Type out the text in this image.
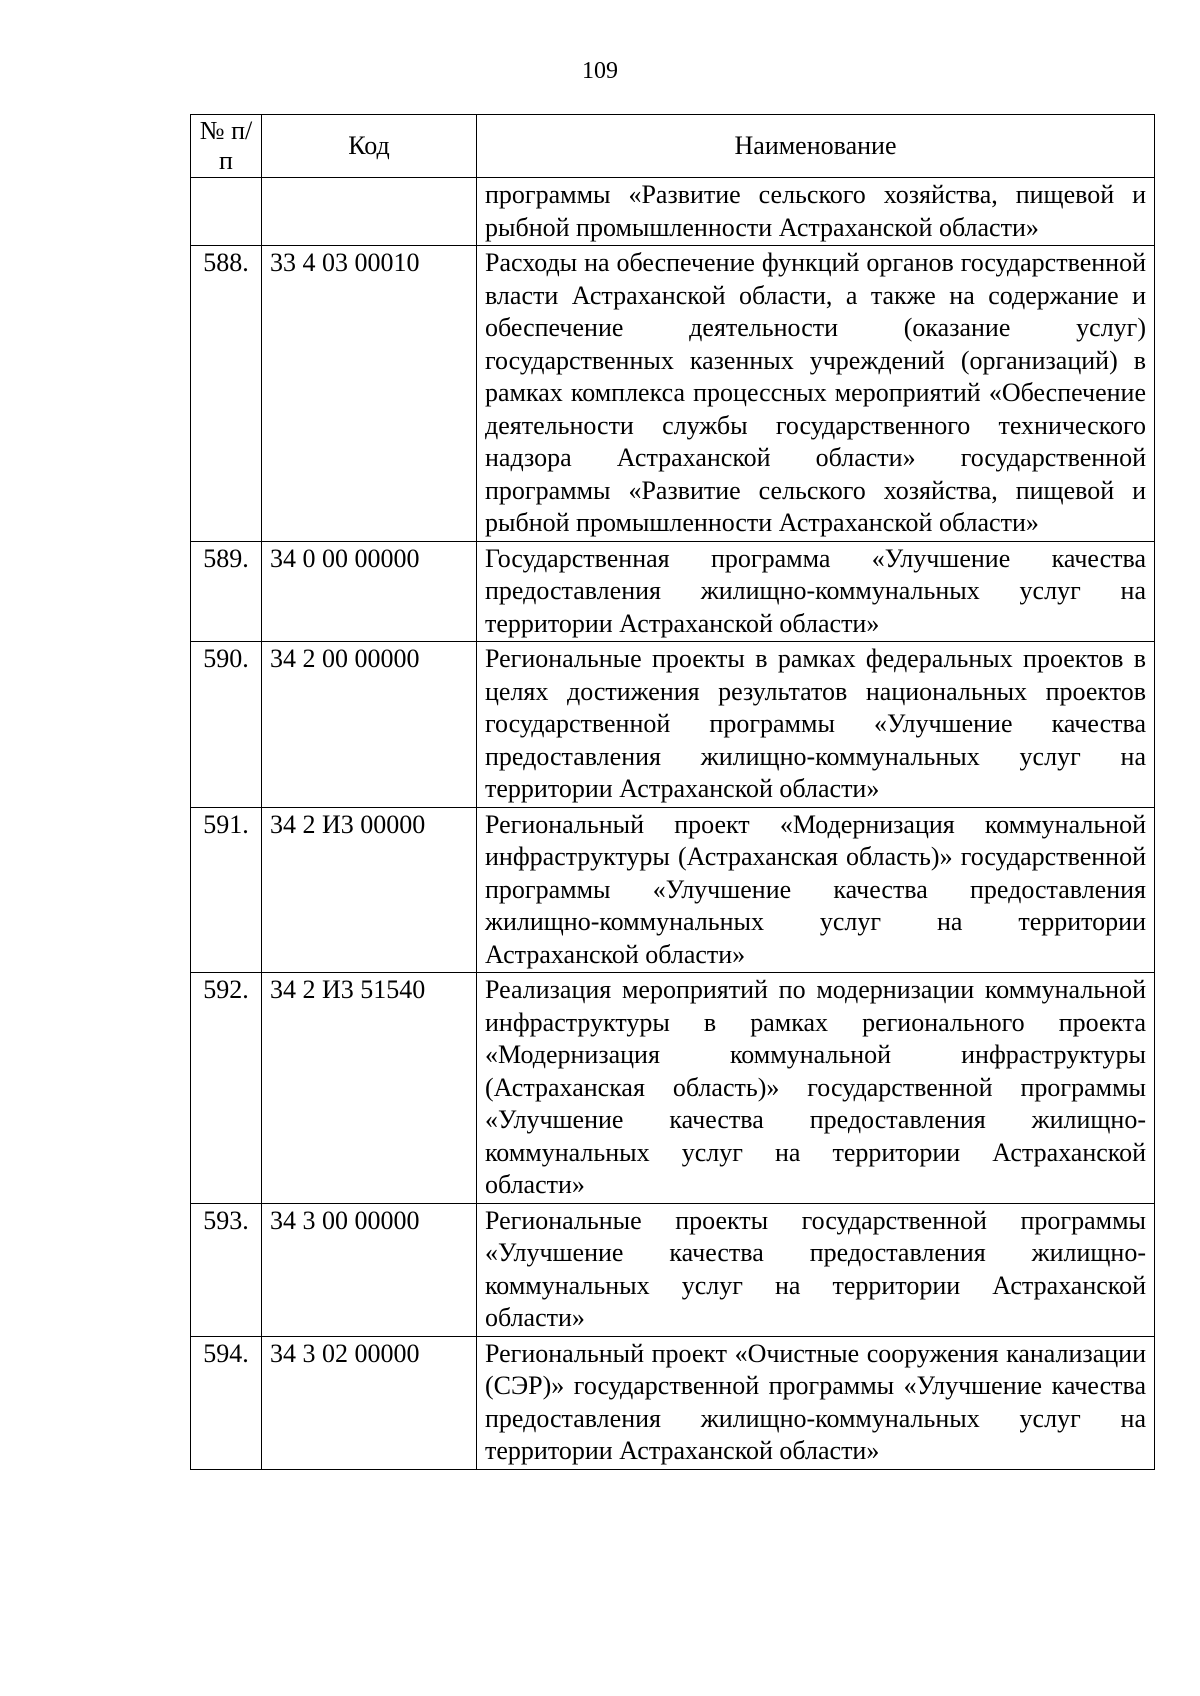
109
№ п/п	Код	Наименование
		программы «Развитие сельского хозяйства, пищевой и рыбной промышленности Астраханской области»
588.	33 4 03 00010	Расходы на обеспечение функций органов государственной власти Астраханской области, а также на содержание и обеспечение деятельности (оказание услуг) государственных казенных учреждений (организаций) в рамках комплекса процессных мероприятий «Обеспечение деятельности службы государственного технического надзора Астраханской области» государственной программы «Развитие сельского хозяйства, пищевой и рыбной промышленности Астраханской области»
589.	34 0 00 00000	Государственная программа «Улучшение качества предоставления жилищно-коммунальных услуг на территории Астраханской области»
590.	34 2 00 00000	Региональные проекты в рамках федеральных проектов в целях достижения результатов национальных проектов государственной программы «Улучшение качества предоставления жилищно-коммунальных услуг на территории Астраханской области»
591.	34 2 И3 00000	Региональный проект «Модернизация коммунальной инфраструктуры (Астраханская область)» государственной программы «Улучшение качества предоставления жилищно-коммунальных услуг на территории Астраханской области»
592.	34 2 И3 51540	Реализация мероприятий по модернизации коммунальной инфраструктуры в рамках регионального проекта «Модернизация коммунальной инфраструктуры (Астраханская область)» государственной программы «Улучшение качества предоставления жилищно-коммунальных услуг на территории Астраханской области»
593.	34 3 00 00000	Региональные проекты государственной программы «Улучшение качества предоставления жилищно-коммунальных услуг на территории Астраханской области»
594.	34 3 02 00000	Региональный проект «Очистные сооружения канализации (СЭР)» государственной программы «Улучшение качества предоставления жилищно-коммунальных услуг на территории Астраханской области»
